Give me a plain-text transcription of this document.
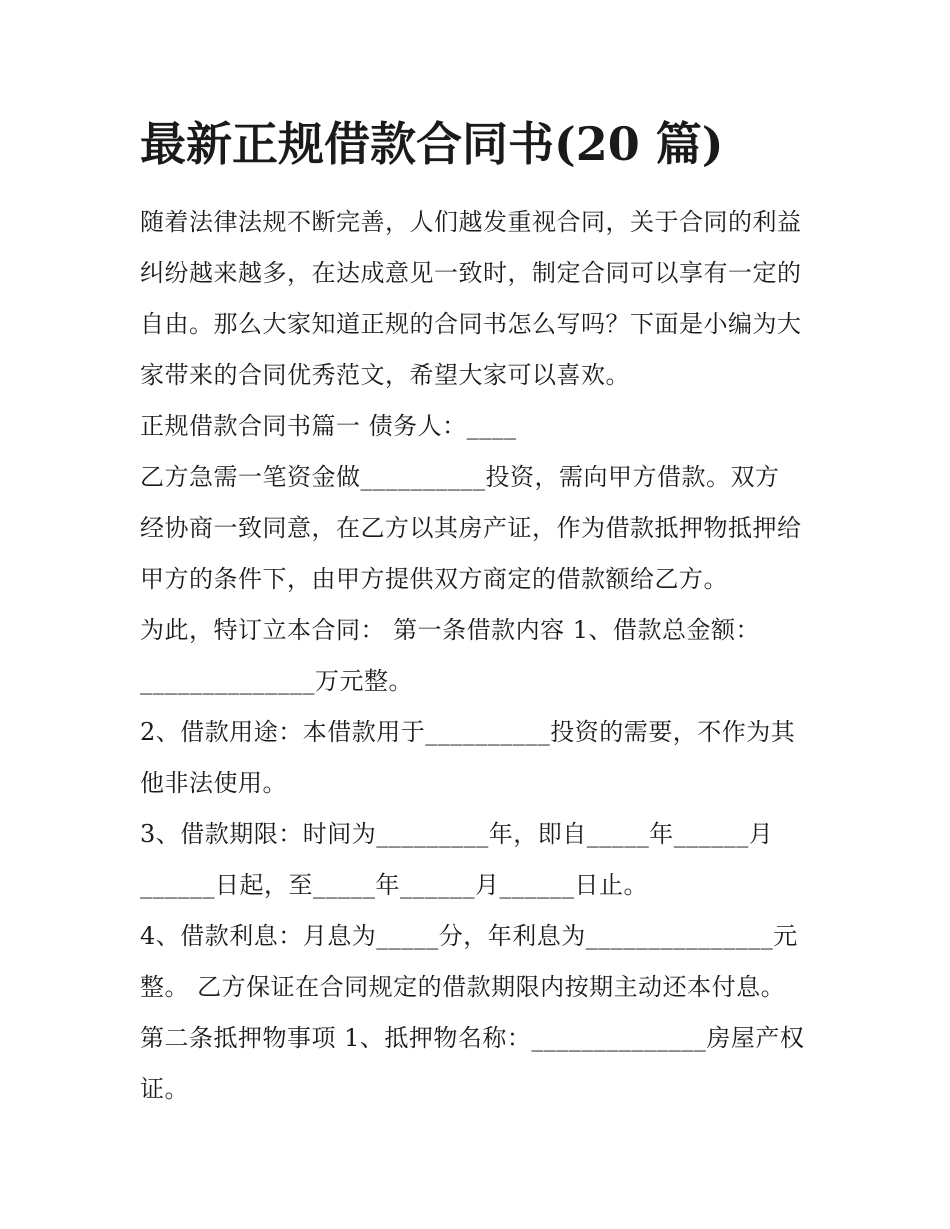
最新正规借款合同书(20 篇)
随着法律法规不断完善，人们越发重视合同，关于合同的利益
纠纷越来越多，在达成意见一致时，制定合同可以享有一定的
自由。那么大家知道正规的合同书怎么写吗？下面是小编为大
家带来的合同优秀范文，希望大家可以喜欢。
正规借款合同书篇一 债务人：____
乙方急需一笔资金做__________投资，需向甲方借款。双方
经协商一致同意，在乙方以其房产证，作为借款抵押物抵押给
甲方的条件下，由甲方提供双方商定的借款额给乙方。
为此，特订立本合同： 第一条借款内容 1、借款总金额：
______________万元整。
2、借款用途：本借款用于__________投资的需要，不作为其
他非法使用。
3、借款期限：时间为_________年，即自_____年______月
______日起，至_____年______月______日止。
4、借款利息：月息为_____分，年利息为_______________元
整。 乙方保证在合同规定的借款期限内按期主动还本付息。
第二条抵押物事项 1、抵押物名称：______________房屋产权
证。
